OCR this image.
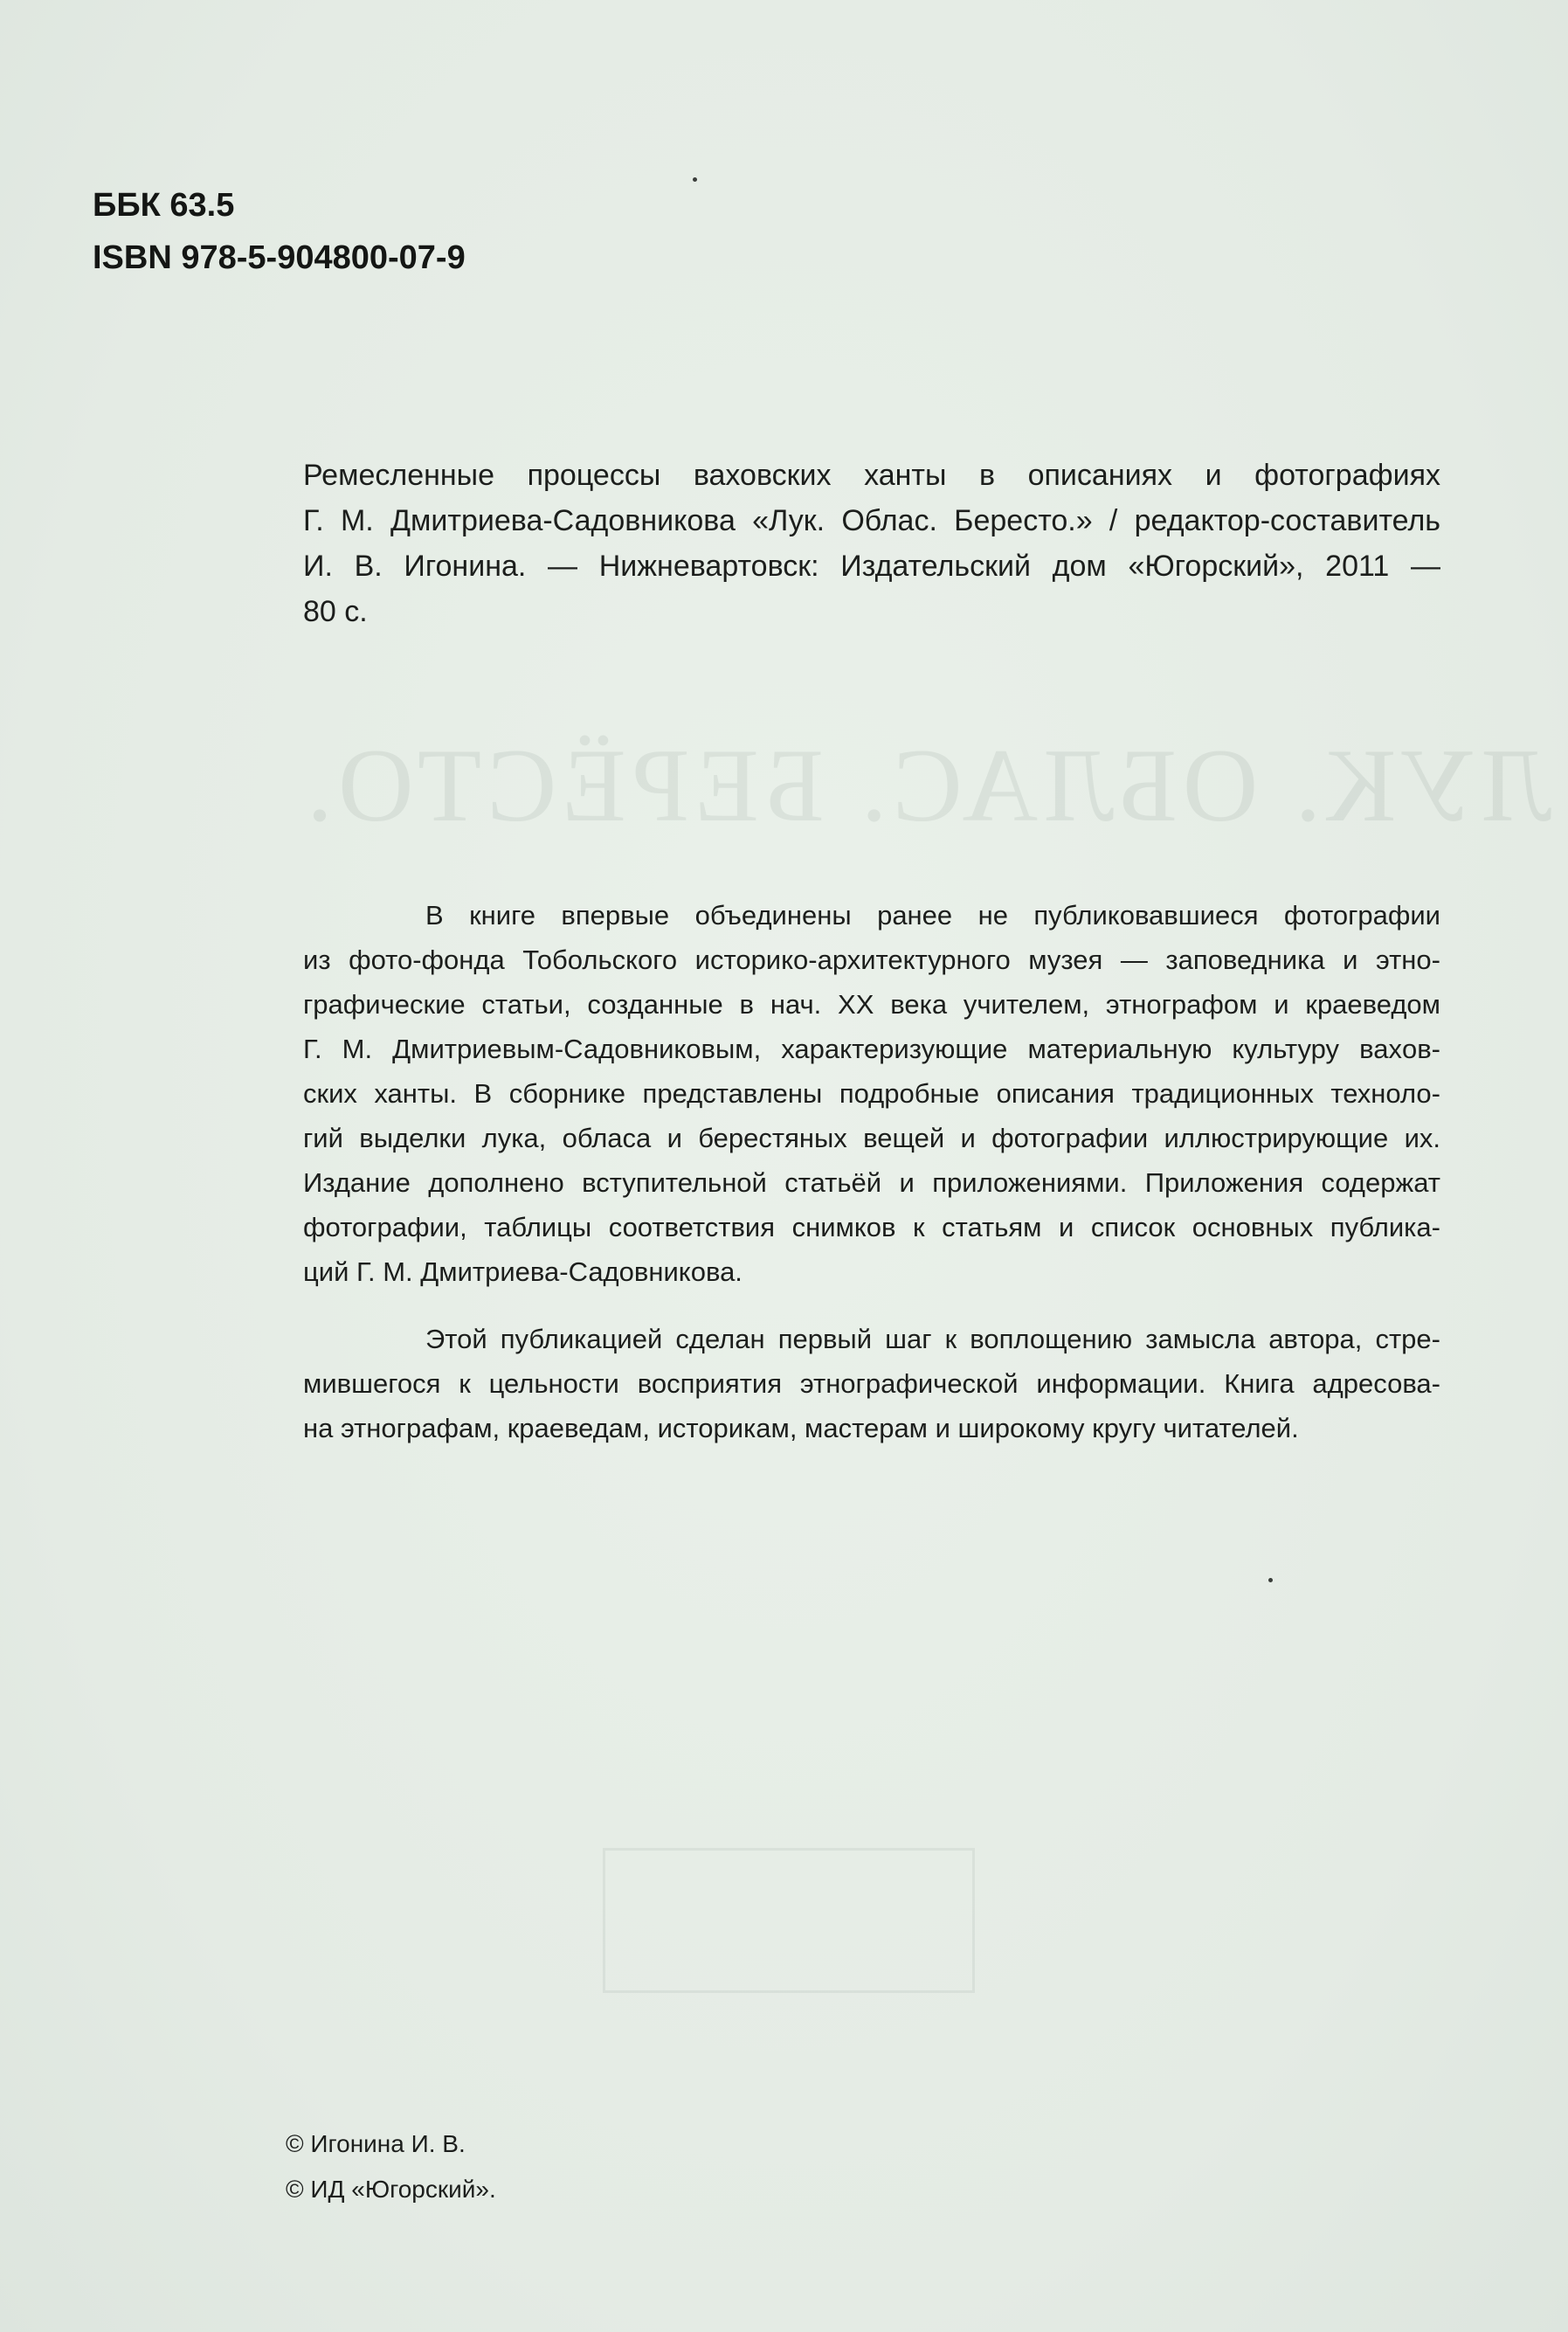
ЛУК. ОБЛАС. БЕРЁСТО.
ББК 63.5
ISBN 978-5-904800-07-9
Ремесленные процессы ваховских ханты в описаниях и фотографиях
Г. М. Дмитриева-Садовникова «Лук. Облас. Бересто.» / редактор-составитель
И. В. Игонина. — Нижневартовск: Издательский дом «Югорский», 2011 —
80 с.
В книге впервые объединены ранее не публиковавшиеся фотографии
из фото-фонда Тобольского историко-архитектурного музея — заповедника и этно-
графические статьи, созданные в нач. XX века учителем, этнографом и краеведом
Г. М. Дмитриевым-Садовниковым, характеризующие материальную культуру ваxов-
ских ханты. В сборнике представлены подробные описания традиционных техноло-
гий выделки лука, обласа и берестяных вещей и фотографии иллюстрирующие их.
Издание дополнено вступительной статьёй и приложениями. Приложения содержат
фотографии, таблицы соответствия снимков к статьям и список основных публика-
ций Г. М. Дмитриева-Садовникова.
Этой публикацией сделан первый шаг к воплощению замысла автора, стре-
мившегося к цельности восприятия этнографической информации. Книга адресова-
на этнографам, краеведам, историкам, мастерам и широкому кругу читателей.
© Игонина И. В.
© ИД «Югорский».
